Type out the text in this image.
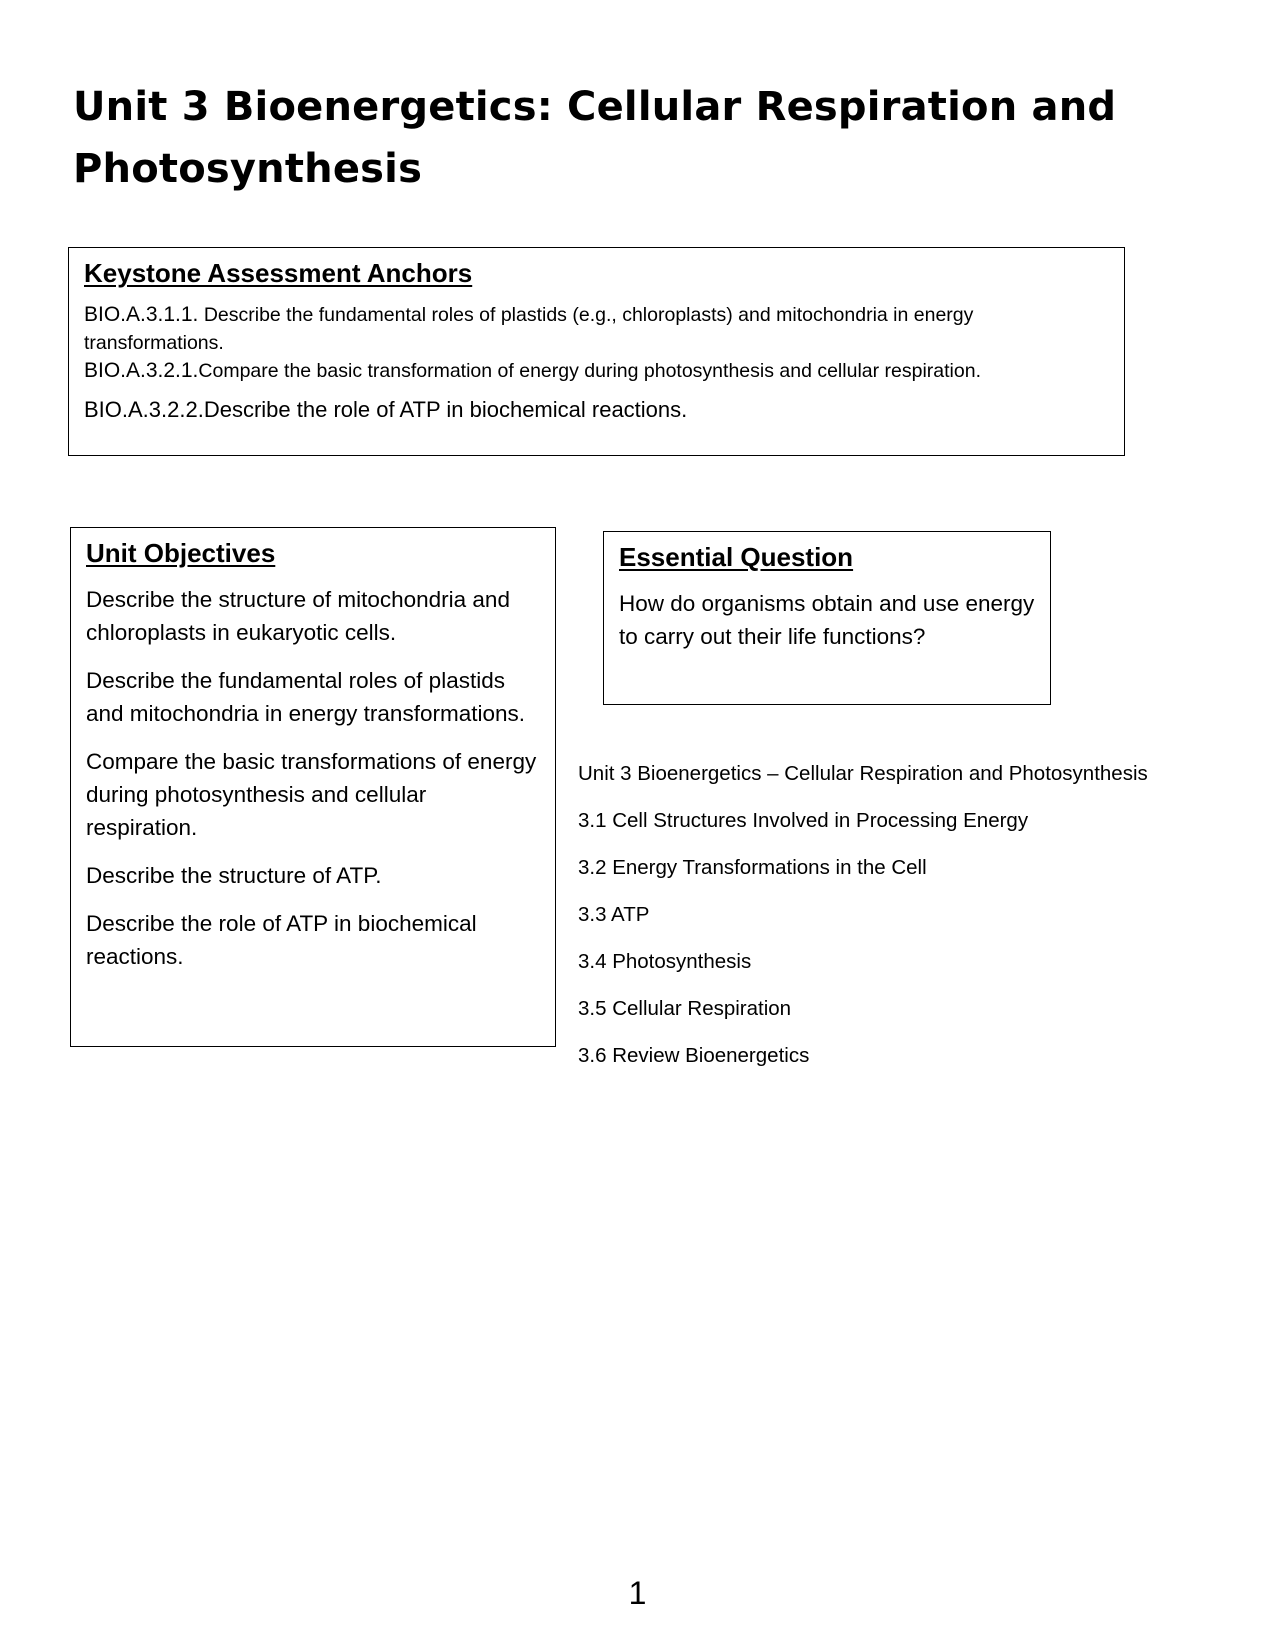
Unit 3 Bioenergetics: Cellular Respiration and Photosynthesis
Keystone Assessment Anchors

BIO.A.3.1.1. Describe the fundamental roles of plastids (e.g., chloroplasts) and mitochondria in energy transformations.

BIO.A.3.2.1.Compare the basic transformation of energy during photosynthesis and cellular respiration.

BIO.A.3.2.2.Describe the role of ATP in biochemical reactions.

Unit Objectives

Describe the structure of mitochondria and chloroplasts in eukaryotic cells.

Describe the fundamental roles of plastids and mitochondria in energy transformations.

Compare the basic transformations of energy during photosynthesis and cellular respiration.

Describe the structure of ATP.

Describe the role of ATP in biochemical reactions.

Essential Question

How do organisms obtain and use energy to carry out their life functions?

Unit 3 Bioenergetics – Cellular Respiration and Photosynthesis
3.1 Cell Structures Involved in Processing Energy
3.2 Energy Transformations in the Cell
3.3 ATP
3.4 Photosynthesis
3.5 Cellular Respiration
3.6 Review Bioenergetics
1
